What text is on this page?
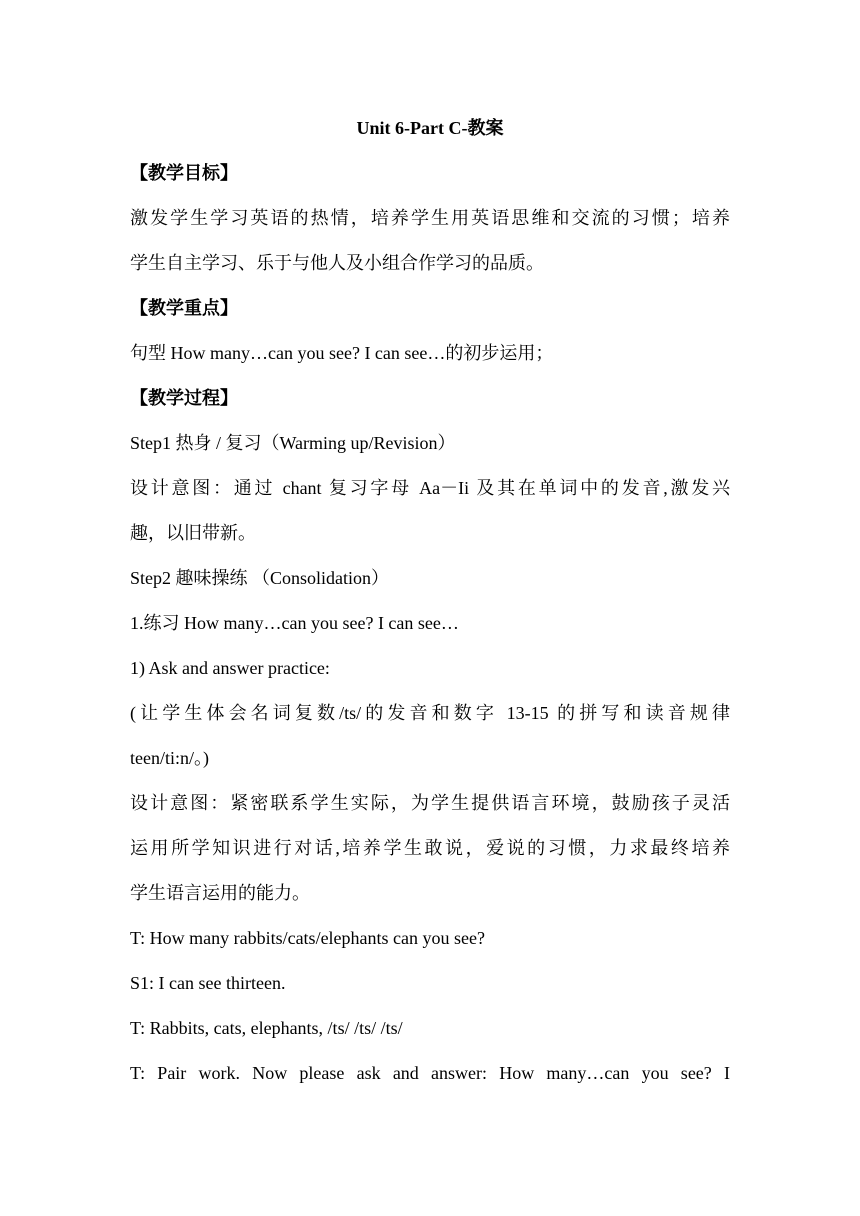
Unit 6-Part C-教案
【教学目标】
激发学生学习英语的热情，培养学生用英语思维和交流的习惯；培养
学生自主学习、乐于与他人及小组合作学习的品质。
【教学重点】
句型 How many…can you see? I can see…的初步运用；
【教学过程】
Step1 热身 / 复习（Warming up/Revision）
设计意图：通过 chant 复习字母 Aa－Ii 及其在单词中的发音,激发兴
趣，以旧带新。
Step2 趣味操练 （Consolidation）
1.练习 How many…can you see? I can see…
1) Ask and answer practice:
(让学生体会名词复数/ts/的发音和数字 13-15 的拼写和读音规律
teen/ti:n/。)
设计意图：紧密联系学生实际，为学生提供语言环境，鼓励孩子灵活
运用所学知识进行对话,培养学生敢说，爱说的习惯，力求最终培养
学生语言运用的能力。
T: How many rabbits/cats/elephants can you see?
S1: I can see thirteen.
T: Rabbits, cats, elephants, /ts/ /ts/ /ts/
T: Pair work. Now please ask and answer: How many…can you see? I
